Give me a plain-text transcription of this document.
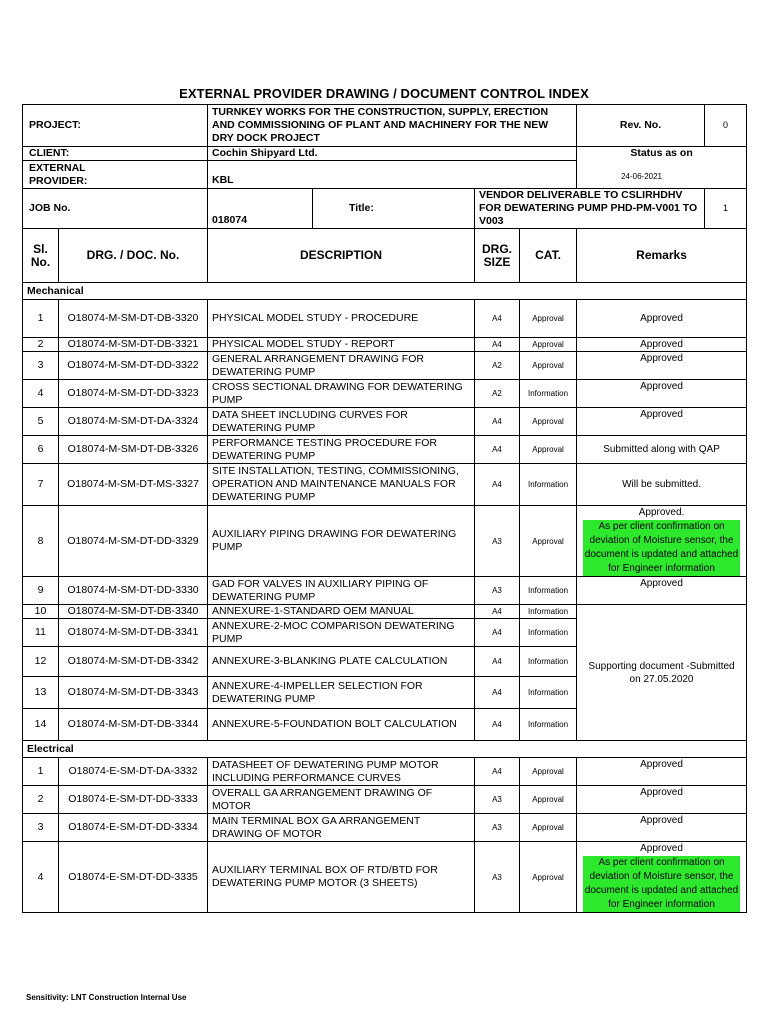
EXTERNAL PROVIDER DRAWING / DOCUMENT CONTROL INDEX
PROJECT:		TURNKEY WORKS FOR THE CONSTRUCTION, SUPPLY, ERECTION AND COMMISSIONING OF PLANT AND MACHINERY FOR THE NEW DRY DOCK PROJECT				Rev. No.	0
CLIENT:		Cochin Shipyard Ltd.				Status as on
24-06-2021	

EXTERNAL
PROVIDER:		KBL					
JOB No.		018074	Title:	VENDOR DELIVERABLE TO CSLIRHDHV FOR DEWATERING PUMP PHD-PM-V001 TO V003			1
Sl. No.	DRG. / DOC. No.	DESCRIPTION		DRG. SIZE	CAT.	Remarks	
Mechanical							
1	O18074-M-SM-DT-DB-3320	PHYSICAL MODEL STUDY - PROCEDURE		A4	Approval	Approved	
2	O18074-M-SM-DT-DB-3321	PHYSICAL MODEL STUDY - REPORT		A4	Approval	Approved	
3	O18074-M-SM-DT-DD-3322	GENERAL ARRANGEMENT DRAWING FOR DEWATERING PUMP		A2	Approval	Approved	
4	O18074-M-SM-DT-DD-3323	CROSS SECTIONAL DRAWING FOR DEWATERING PUMP		A2	Information	Approved	
5	O18074-M-SM-DT-DA-3324	DATA SHEET INCLUDING CURVES FOR DEWATERING PUMP		A4	Approval	Approved	
6	O18074-M-SM-DT-DB-3326	PERFORMANCE TESTING PROCEDURE FOR DEWATERING PUMP		A4	Approval	Submitted along with QAP	
7	O18074-M-SM-DT-MS-3327	SITE INSTALLATION, TESTING, COMMISSIONING, OPERATION AND MAINTENANCE MANUALS FOR DEWATERING PUMP		A4	Information	Will be submitted.	
8	O18074-M-SM-DT-DD-3329	AUXILIARY PIPING DRAWING FOR DEWATERING PUMP		A3	Approval	Approved.
As per client confirmation on deviation of Moisture sensor, the document is updated and attached for Engineer information	

9	O18074-M-SM-DT-DD-3330	GAD FOR VALVES IN AUXILIARY PIPING OF DEWATERING PUMP		A3	Information	Approved	
10	O18074-M-SM-DT-DB-3340	ANNEXURE-1-STANDARD OEM MANUAL		A4	Information	Supporting document -Submitted on 27.05.2020	
11	O18074-M-SM-DT-DB-3341	ANNEXURE-2-MOC COMPARISON DEWATERING PUMP		A4	Information		
12	O18074-M-SM-DT-DB-3342	ANNEXURE-3-BLANKING PLATE CALCULATION		A4	Information		
13	O18074-M-SM-DT-DB-3343	ANNEXURE-4-IMPELLER SELECTION FOR DEWATERING PUMP		A4	Information		
14	O18074-M-SM-DT-DB-3344	ANNEXURE-5-FOUNDATION BOLT CALCULATION		A4	Information		
Electrical							
1	O18074-E-SM-DT-DA-3332	DATASHEET OF DEWATERING PUMP MOTOR INCLUDING PERFORMANCE CURVES		A4	Approval	Approved	
2	O18074-E-SM-DT-DD-3333	OVERALL GA ARRANGEMENT DRAWING OF MOTOR		A3	Approval	Approved	
3	O18074-E-SM-DT-DD-3334	MAIN TERMINAL BOX GA ARRANGEMENT DRAWING OF MOTOR		A3	Approval	Approved	
4	O18074-E-SM-DT-DD-3335	AUXILIARY TERMINAL BOX OF RTD/BTD FOR DEWATERING PUMP MOTOR (3 SHEETS)		A3	Approval	Approved
As per client confirmation on deviation of Moisture sensor, the document is updated and attached for Engineer information	
Sensitivity: LNT Construction Internal Use
